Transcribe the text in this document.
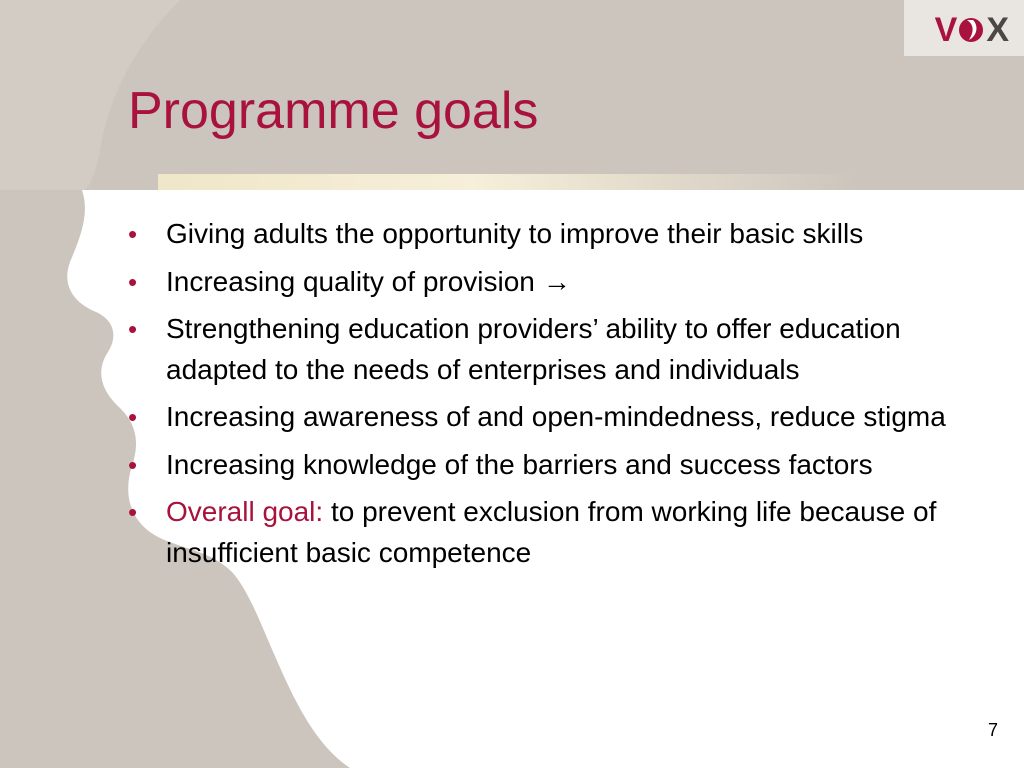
V X
Programme goals
• Giving adults the opportunity to improve their basic skills
• Increasing quality of provision →
• Strengthening education providers’ ability to offer education adapted to the needs of enterprises and individuals
• Increasing awareness of and open-mindedness, reduce stigma
• Increasing knowledge of the barriers and success factors
• Overall goal: to prevent exclusion from working life because of insufficient basic competence
7
